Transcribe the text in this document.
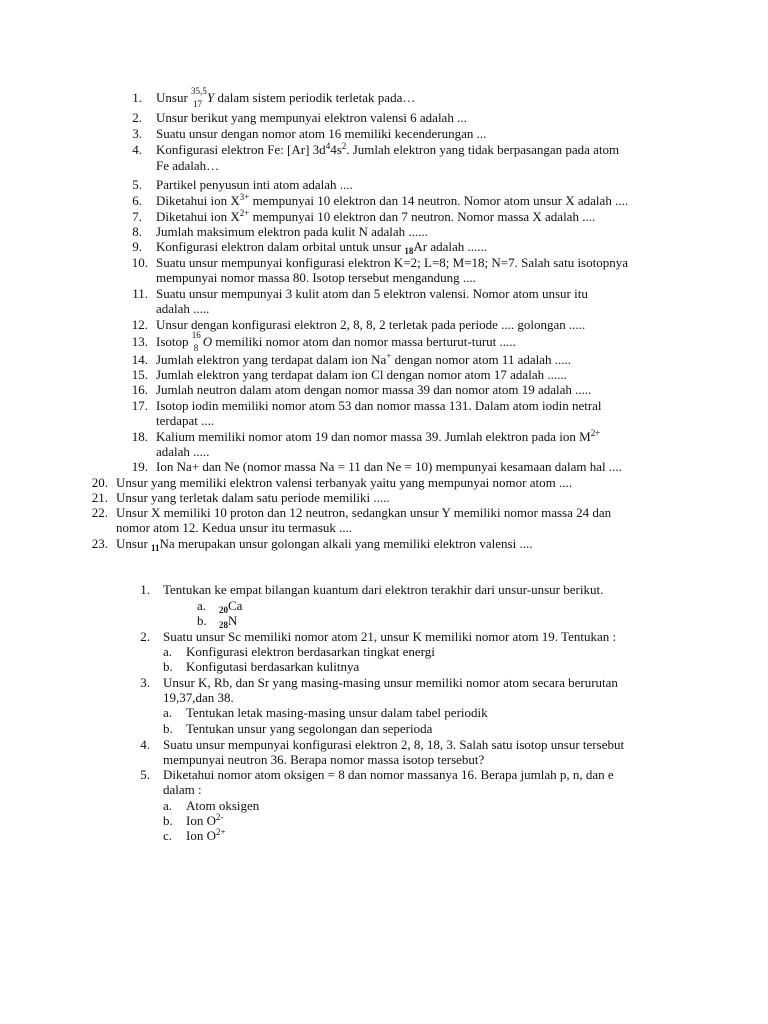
1. Unsur 35,5
17 Y dalam sistem periodik terletak pada…
2. Unsur berikut yang mempunyai elektron valensi 6 adalah ...
3. Suatu unsur dengan nomor atom 16 memiliki kecenderungan ...
4. Konfigurasi elektron Fe: [Ar] $3d^44s^2$. Jumlah elektron yang tidak berpasangan pada atom
Fe adalah…
5. Partikel penyusun inti atom adalah ....
6. Diketahui ion $X^{3+}$ mempunyai 10 elektron dan 14 neutron. Nomor atom unsur X adalah ....
7. Diketahui ion $X^{2+}$ mempunyai 10 elektron dan 7 neutron. Nomor massa X adalah ....
8. Jumlah maksimum elektron pada kulit N adalah ......
9. Konfigurasi elektron dalam orbital untuk unsur $_{18}$Ar adalah ......
10. Suatu unsur mempunyai konfigurasi elektron K=2; L=8; M=18; N=7. Salah satu isotopnya
mempunyai nomor massa 80. Isotop tersebut mengandung ....
11. Suatu unsur mempunyai 3 kulit atom dan 5 elektron valensi. Nomor atom unsur itu
adalah .....
12. Unsur dengan konfigurasi elektron 2, 8, 8, 2 terletak pada periode .... golongan .....
13. Isotop 16
8 O memiliki nomor atom dan nomor massa berturut-turut .....
14. Jumlah elektron yang terdapat dalam ion Na+ dengan nomor atom 11 adalah .....
15. Jumlah elektron yang terdapat dalam ion Cl dengan nomor atom 17 adalah ......
16. Jumlah neutron dalam atom dengan nomor massa 39 dan nomor atom 19 adalah .....
17. Isotop iodin memiliki nomor atom 53 dan nomor massa 131. Dalam atom iodin netral
terdapat ....
18. Kalium memiliki nomor atom 19 dan nomor massa 39. Jumlah elektron pada ion $M^{2+}$
adalah .....
19. Ion Na+ dan Ne (nomor massa Na = 11 dan Ne = 10) mempunyai kesamaan dalam hal ....
20. Unsur yang memiliki elektron valensi terbanyak yaitu yang mempunyai nomor atom ....
21. Unsur yang terletak dalam satu periode memiliki .....
22. Unsur X memiliki 10 proton dan 12 neutron, sedangkan unsur Y memiliki nomor massa 24 dan
nomor atom 12. Kedua unsur itu termasuk ....
23. Unsur $_{11}$Na merupakan unsur golongan alkali yang memiliki elektron valensi ....
1. Tentukan ke empat bilangan kuantum dari elektron terakhir dari unsur-unsur berikut.
a. $_{20}$Ca
b. $_{28}$N
2. Suatu unsur Sc memiliki nomor atom 21, unsur K memiliki nomor atom 19. Tentukan :
a. Konfigurasi elektron berdasarkan tingkat energi
b. Konfigutasi berdasarkan kulitnya
3. Unsur K, Rb, dan Sr yang masing-masing unsur memiliki nomor atom secara berurutan
19,37,dan 38.
a. Tentukan letak masing-masing unsur dalam tabel periodik
b. Tentukan unsur yang segolongan dan seperioda
4. Suatu unsur mempunyai konfigurasi elektron 2, 8, 18, 3. Salah satu isotop unsur tersebut
mempunyai neutron 36. Berapa nomor massa isotop tersebut?
5. Diketahui nomor atom oksigen = 8 dan nomor massanya 16. Berapa jumlah p, n, dan e
dalam :
a. Atom oksigen
b. Ion $O^{2-}$
c. Ion $O^{2+}$
